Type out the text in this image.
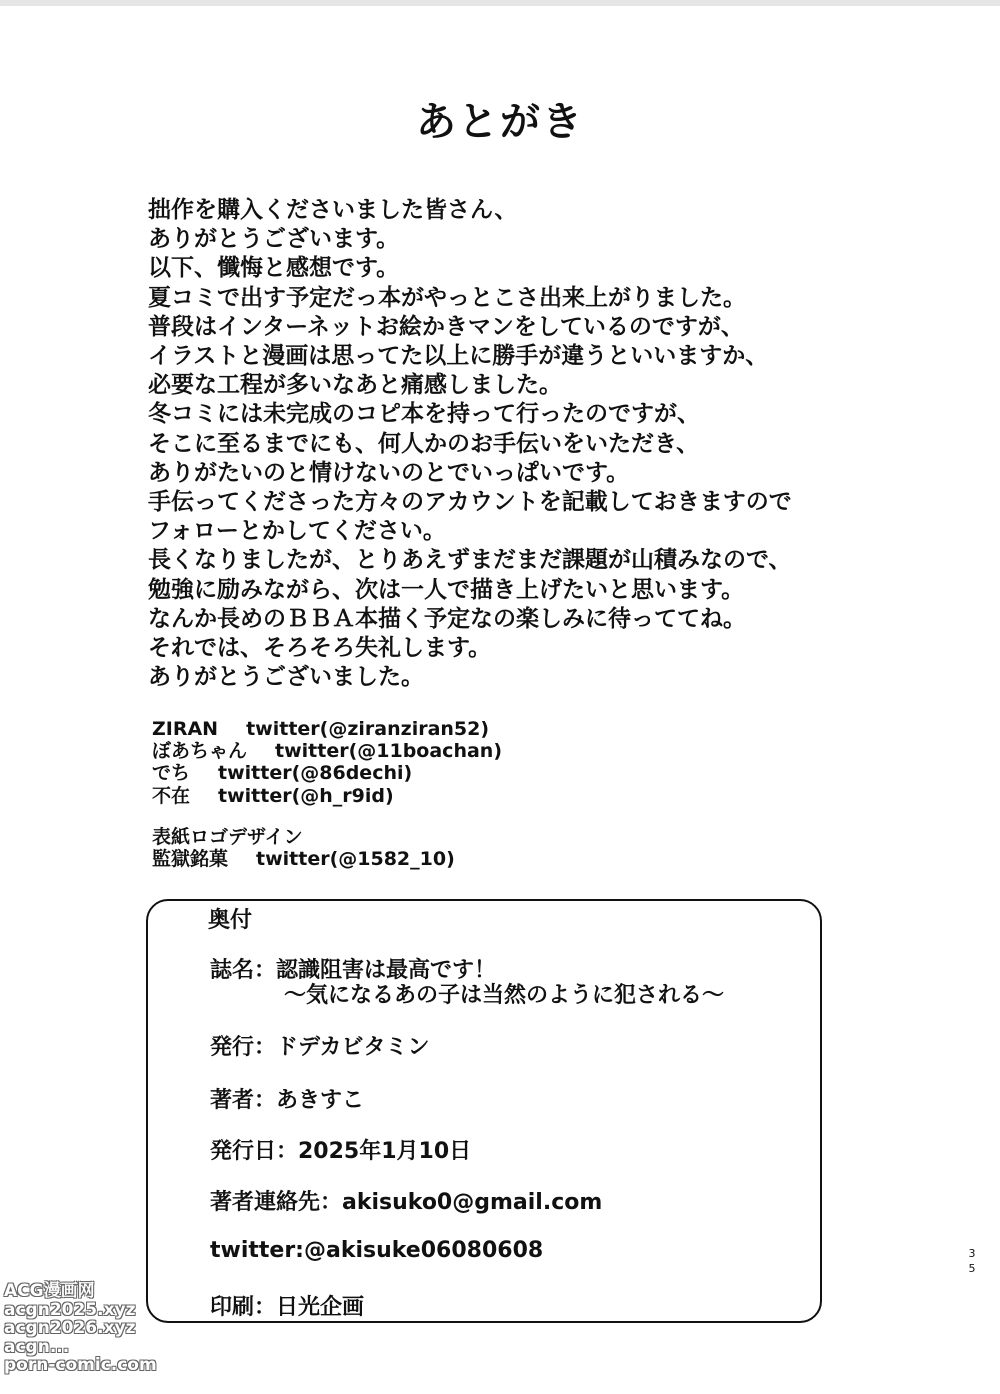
あとがき
拙作を購入くださいました皆さん、
ありがとうございます。
以下、懺悔と感想です。
夏コミで出す予定だっ本がやっとこさ出来上がりました。
普段はインターネットお絵かきマンをしているのですが、
イラストと漫画は思ってた以上に勝手が違うといいますか、
必要な工程が多いなあと痛感しました。
冬コミには未完成のコピ本を持って行ったのですが、
そこに至るまでにも、何人かのお手伝いをいただき、
ありがたいのと情けないのとでいっぱいです。
手伝ってくださった方々のアカウントを記載しておきますので
フォローとかしてください。
長くなりましたが、とりあえずまだまだ課題が山積みなので、
勉強に励みながら、次は一人で描き上げたいと思います。
なんか長めのＢＢＡ本描く予定なの楽しみに待っててね。
それでは、そろそろ失礼します。
ありがとうございました。
ZIRAN twitter(@ziranziran52)
ぼあちゃん twitter(@11boachan)
でち twitter(@86dechi)
不在 twitter(@h_r9id)
表紙ロゴデザイン
監獄銘菓 twitter(@1582_10)
奥付
誌名：認識阻害は最高です！
〜気になるあの子は当然のように犯される〜
発行：ドデカビタミン
著者：あきすこ
発行日：2025年1月10日
著者連絡先：akisuko0@gmail.com
twitter:@akisuke06080608
印刷：日光企画
3
5
ACG漫画网
acgn2025.xyz
acgn2026.xyz
acgn...
porn-comic.com
